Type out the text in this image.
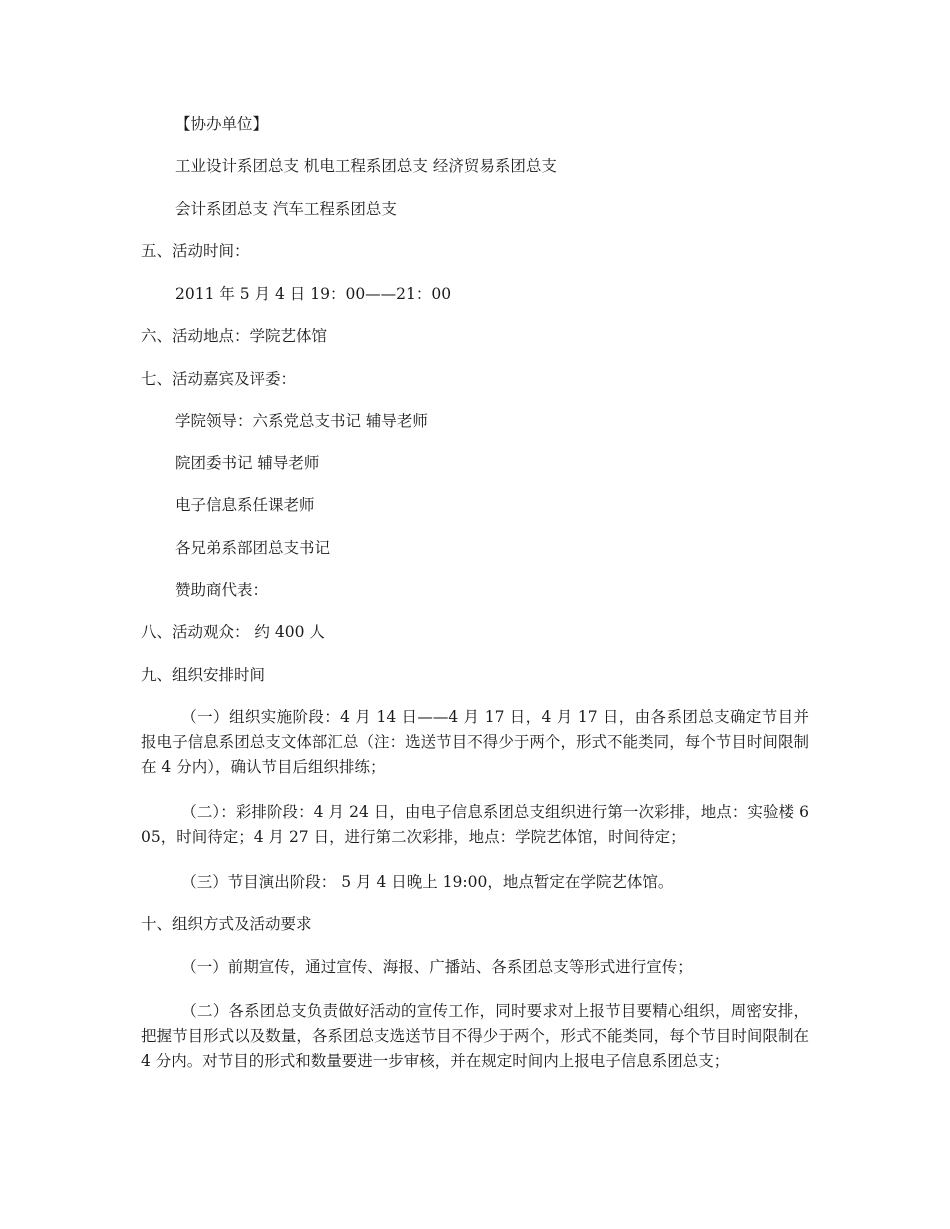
【协办单位】
工业设计系团总支 机电工程系团总支 经济贸易系团总支
会计系团总支 汽车工程系团总支
五、活动时间：
2011 年 5 月 4 日 19：00——21：00
六、活动地点：学院艺体馆
七、活动嘉宾及评委：
学院领导：六系党总支书记 辅导老师
院团委书记 辅导老师
电子信息系任课老师
各兄弟系部团总支书记
赞助商代表：
八、活动观众： 约 400 人
九、组织安排时间
（一）组织实施阶段：4 月 14 日——4 月 17 日，4 月 17 日，由各系团总支确定节目并报电子信息系团总支文体部汇总（注：选送节目不得少于两个，形式不能类同，每个节目时间限制在 4 分内），确认节目后组织排练；
（二）：彩排阶段：4 月 24 日，由电子信息系团总支组织进行第一次彩排，地点：实验楼 605，时间待定；4 月 27 日，进行第二次彩排，地点：学院艺体馆，时间待定；
（三）节目演出阶段： 5 月 4 日晚上 19:00，地点暂定在学院艺体馆。
十、组织方式及活动要求
（一）前期宣传，通过宣传、海报、广播站、各系团总支等形式进行宣传；
（二）各系团总支负责做好活动的宣传工作，同时要求对上报节目要精心组织，周密安排，把握节目形式以及数量，各系团总支选送节目不得少于两个，形式不能类同，每个节目时间限制在 4 分内。对节目的形式和数量要进一步审核，并在规定时间内上报电子信息系团总支；
